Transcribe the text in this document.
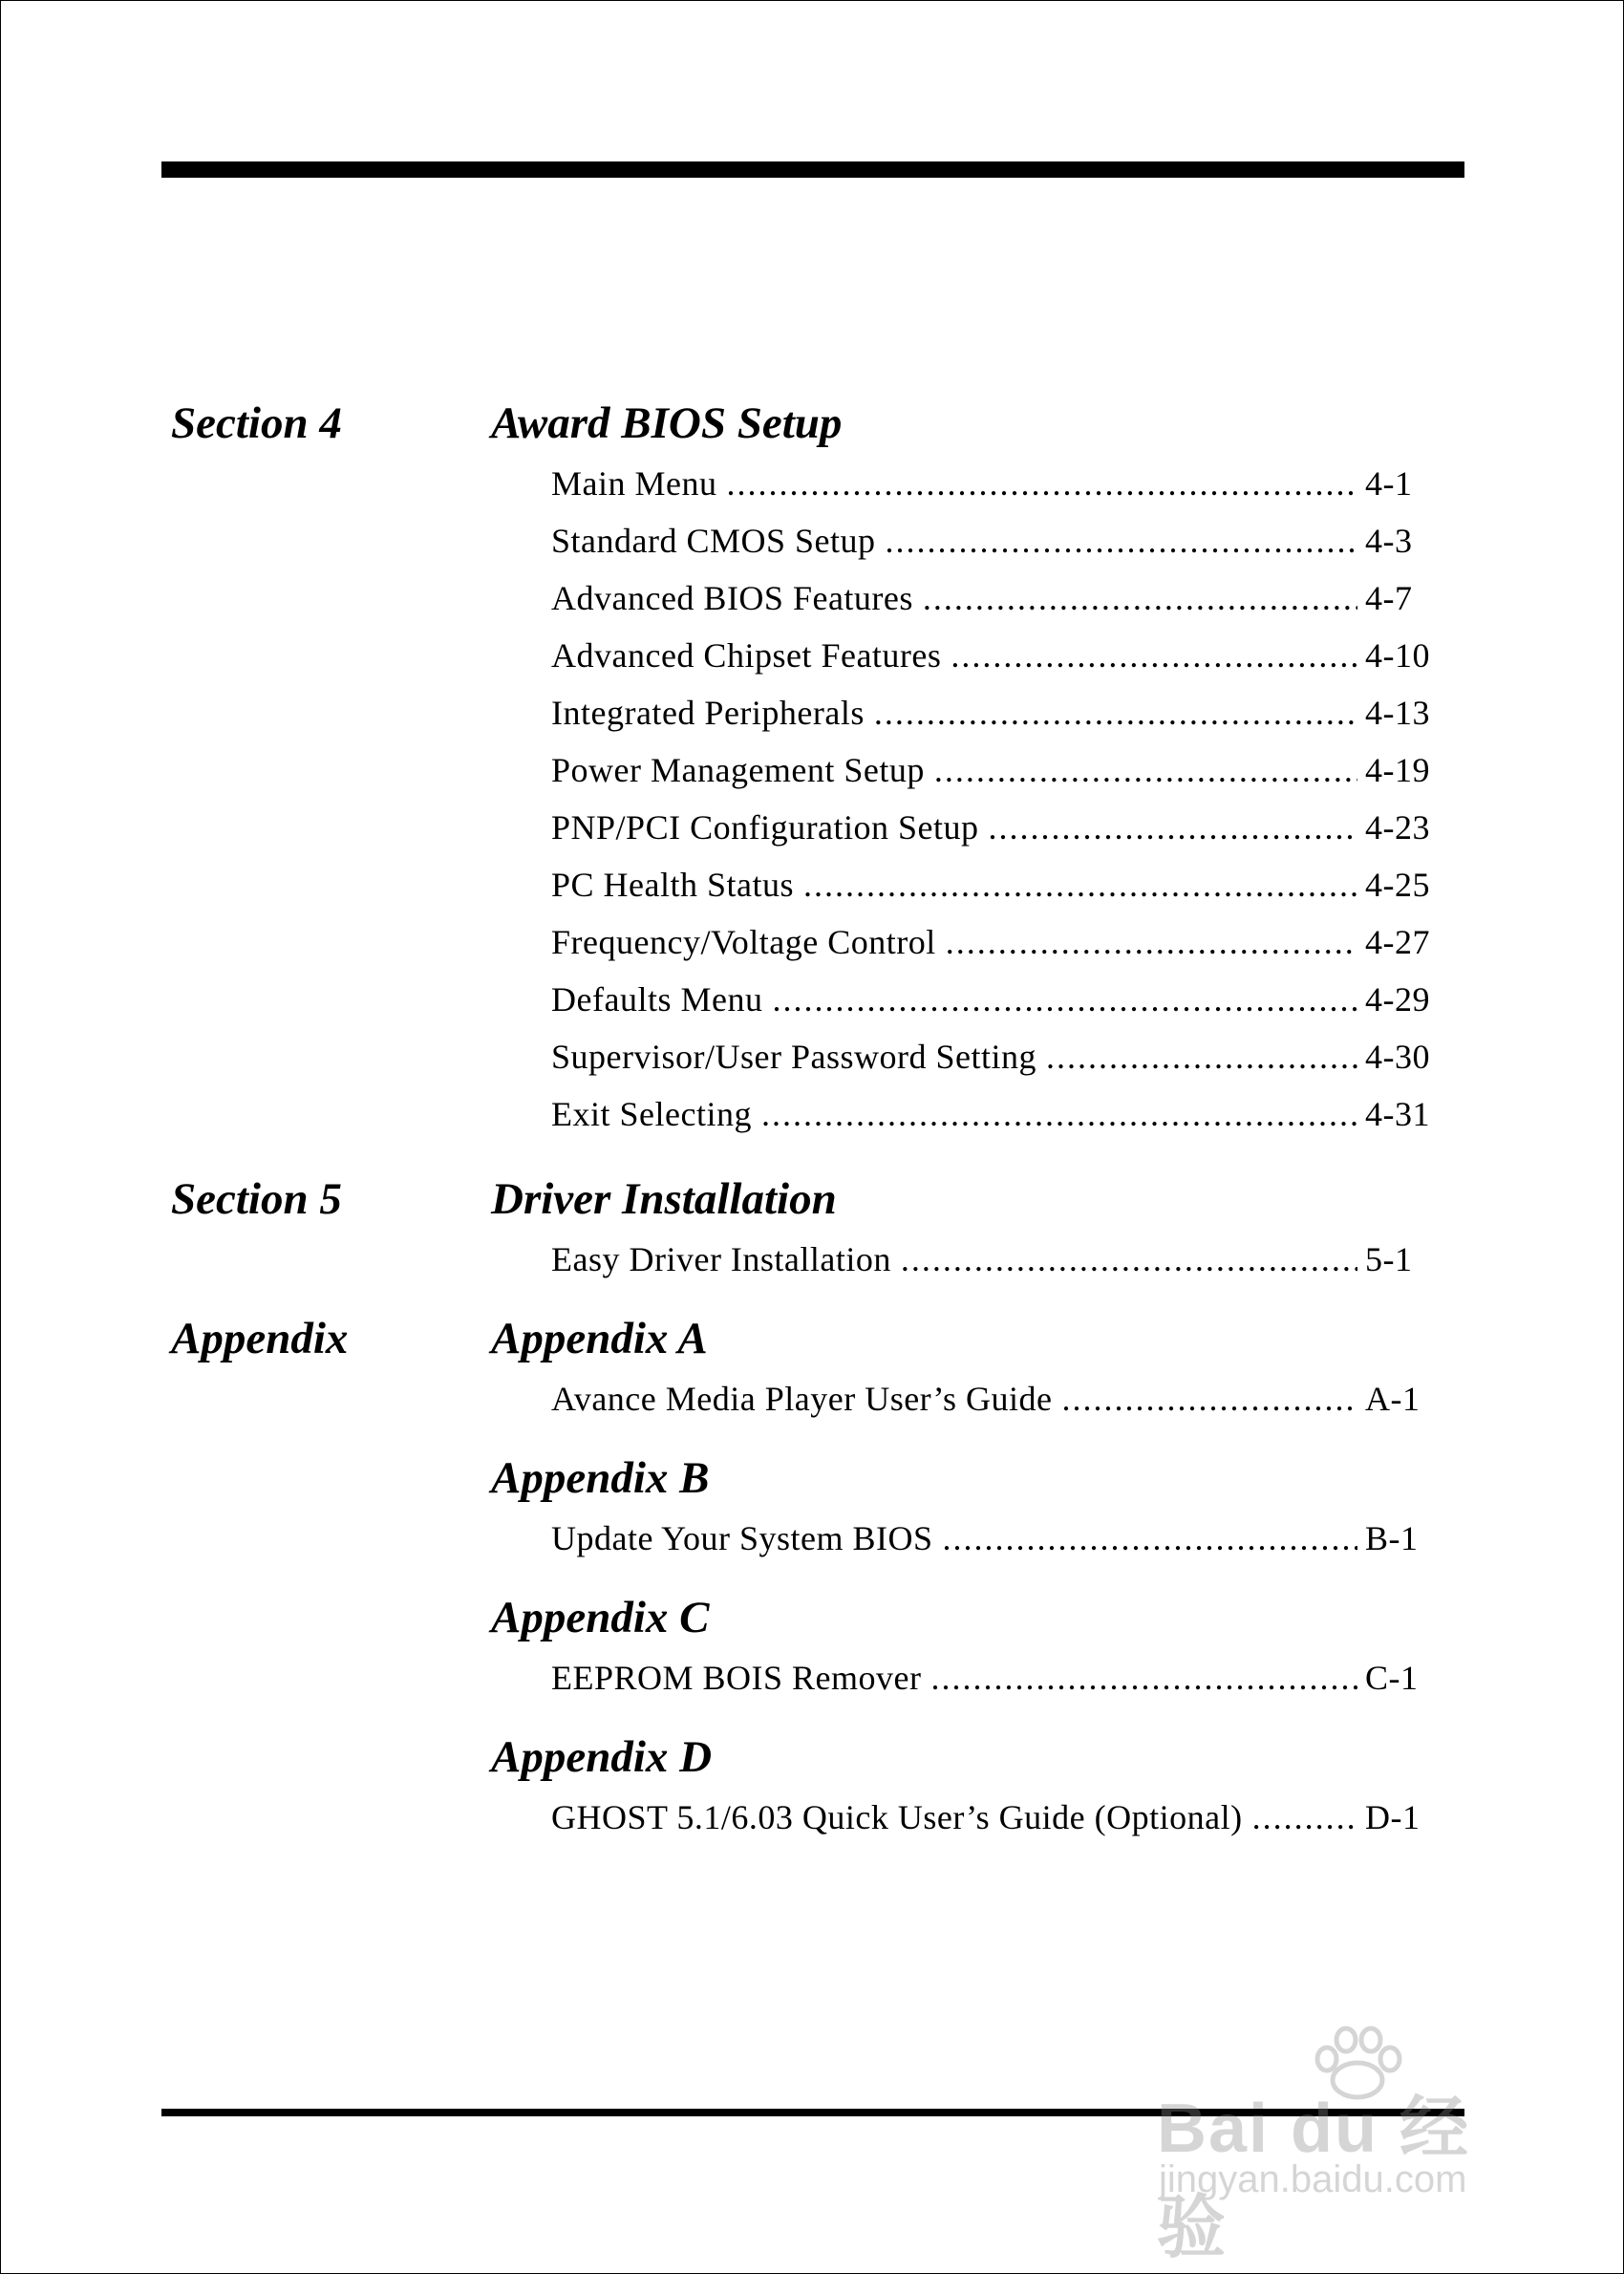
Section 4	Award BIOS Setup
Main Menu .....	4-1
Standard CMOS Setup .....	4-3
Advanced BIOS Features .....	4-7
Advanced Chipset Features .....	4-10
Integrated Peripherals .....	4-13
Power Management Setup .....	4-19
PNP/PCI Configuration Setup .....	4-23
PC Health Status .....	4-25
Frequency/Voltage Control .....	4-27
Defaults Menu .....	4-29
Supervisor/User Password Setting .....	4-30
Exit Selecting .....	4-31
Section 5	Driver Installation
Easy Driver Installation .....	5-1
Appendix	Appendix A
Avance Media Player User’s Guide .....	A-1
Appendix B
Update Your System BIOS .....	B-1
Appendix C
EEPROM BOIS Remover .....	C-1
Appendix D
GHOST 5.1/6.03 Quick User’s Guide (Optional) .....	D-1
Bai du 经验
jingyan.baidu.com
